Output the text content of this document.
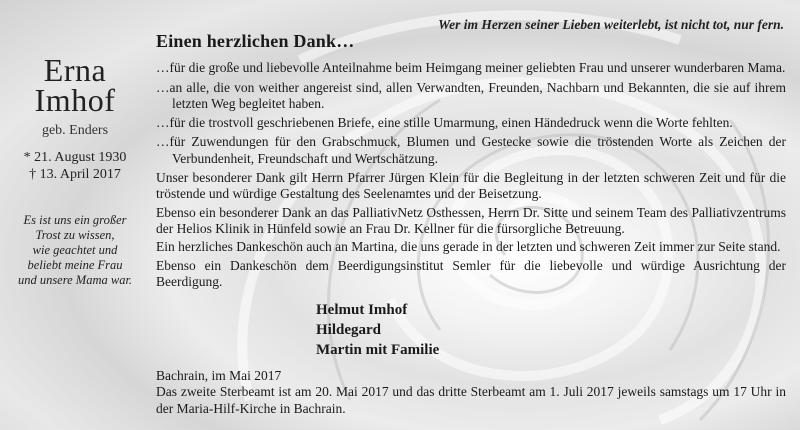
Wer im Herzen seiner Lieben weiterlebt, ist nicht tot, nur fern.
Erna
Imhof
geb. Enders
* 21. August 1930
† 13. April 2017
Es ist uns ein großer
Trost zu wissen,
wie geachtet und
beliebt meine Frau
und unsere Mama war.
Einen herzlichen Dank…
…für die große und liebevolle Anteilnahme beim Heimgang meiner geliebten Frau und unserer wunderbaren Mama.
…an alle, die von weither angereist sind, allen Verwandten, Freunden, Nachbarn und Bekannten, die sie auf ihrem letzten Weg begleitet haben.
…für die trostvoll geschriebenen Briefe, eine stille Umarmung, einen Händedruck wenn die Worte fehlten.
…für Zuwendungen für den Grabschmuck, Blumen und Gestecke sowie die tröstenden Worte als Zeichen der Verbundenheit, Freundschaft und Wertschätzung.
Unser besonderer Dank gilt Herrn Pfarrer Jürgen Klein für die Begleitung in der letzten schweren Zeit und für die tröstende und würdige Gestaltung des Seelenamtes und der Beisetzung.
Ebenso ein besonderer Dank an das PalliativNetz Osthessen, Herrn Dr. Sitte und seinem Team des Palliativzentrums der Helios Klinik in Hünfeld sowie an Frau Dr. Kellner für die fürsorgliche Betreuung.
Ein herzliches Dankeschön auch an Martina, die uns gerade in der letzten und schweren Zeit immer zur Seite stand.
Ebenso ein Dankeschön dem Beerdigungsinstitut Semler für die liebevolle und würdige Ausrichtung der Beerdigung.
Helmut Imhof
Hildegard
Martin mit Familie
Bachrain, im Mai 2017
Das zweite Sterbeamt ist am 20. Mai 2017 und das dritte Sterbeamt am 1. Juli 2017 jeweils samstags um 17 Uhr in der Maria-Hilf-Kirche in Bachrain.
